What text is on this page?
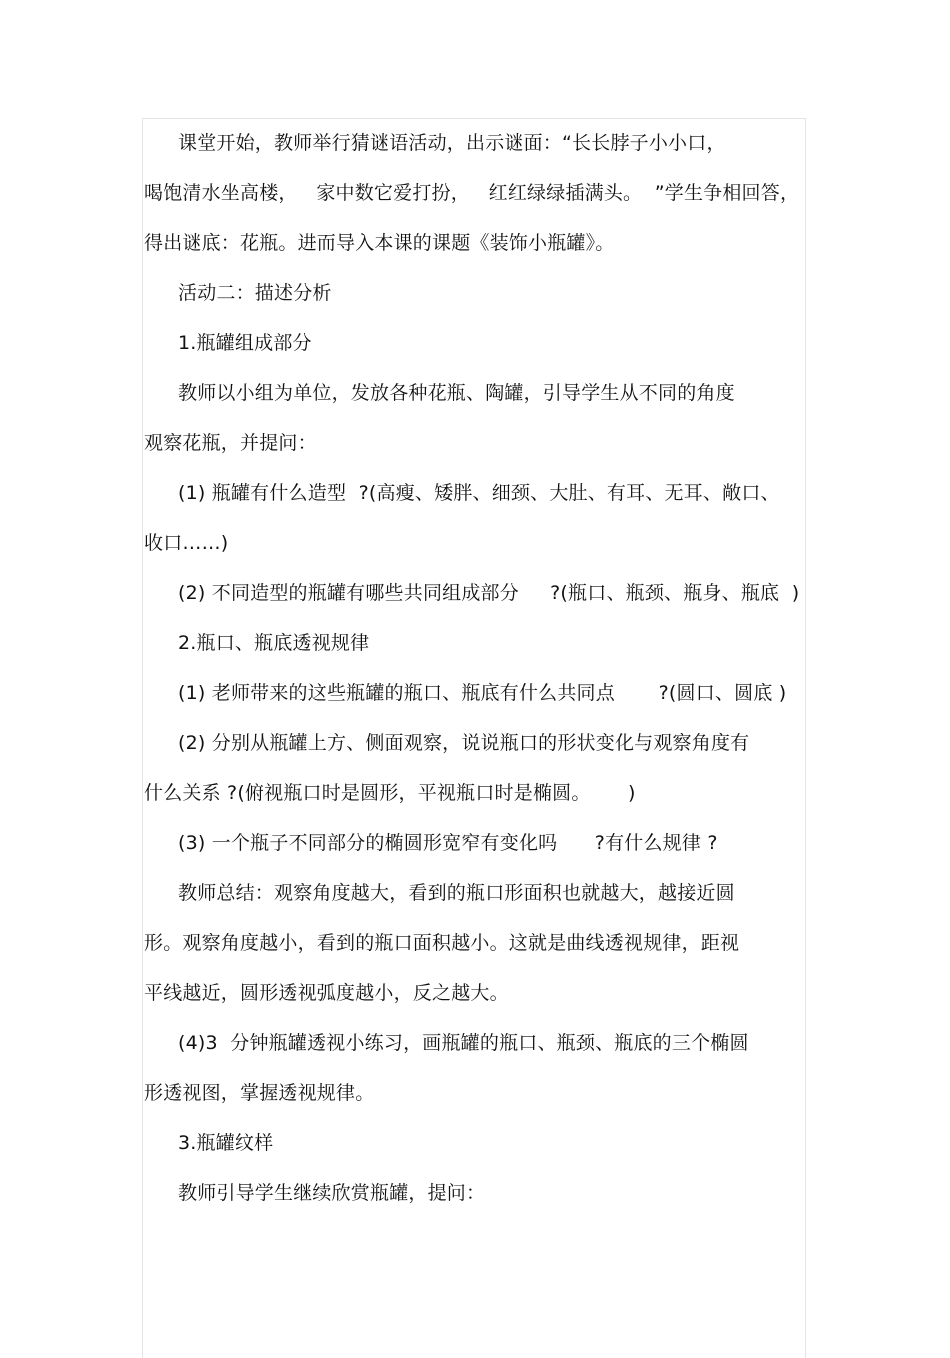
课堂开始，教师举行猜谜语活动，出示谜面：“长长脖子小小口，
喝饱清水坐高楼，   家中数它爱打扮，   红红绿绿插满头。  ”学生争相回答，
得出谜底：花瓶。进而导入本课的课题《装饰小瓶罐》。
活动二：描述分析
1.瓶罐组成部分
教师以小组为单位，发放各种花瓶、陶罐，引导学生从不同的角度
观察花瓶，并提问：
(1) 瓶罐有什么造型  ?(高瘦、矮胖、细颈、大肚、有耳、无耳、敞口、
收口……)
(2) 不同造型的瓶罐有哪些共同组成部分     ?(瓶口、瓶颈、瓶身、瓶底  )
2.瓶口、瓶底透视规律
(1) 老师带来的这些瓶罐的瓶口、瓶底有什么共同点       ?(圆口、圆底 )
(2) 分别从瓶罐上方、侧面观察，说说瓶口的形状变化与观察角度有
什么关系 ?(俯视瓶口时是圆形，平视瓶口时是椭圆。      )
(3) 一个瓶子不同部分的椭圆形宽窄有变化吗      ?有什么规律 ?
教师总结：观察角度越大，看到的瓶口形面积也就越大，越接近圆
形。观察角度越小，看到的瓶口面积越小。这就是曲线透视规律，距视
平线越近，圆形透视弧度越小，反之越大。
(4)3  分钟瓶罐透视小练习，画瓶罐的瓶口、瓶颈、瓶底的三个椭圆
形透视图，掌握透视规律。
3.瓶罐纹样
教师引导学生继续欣赏瓶罐，提问：
